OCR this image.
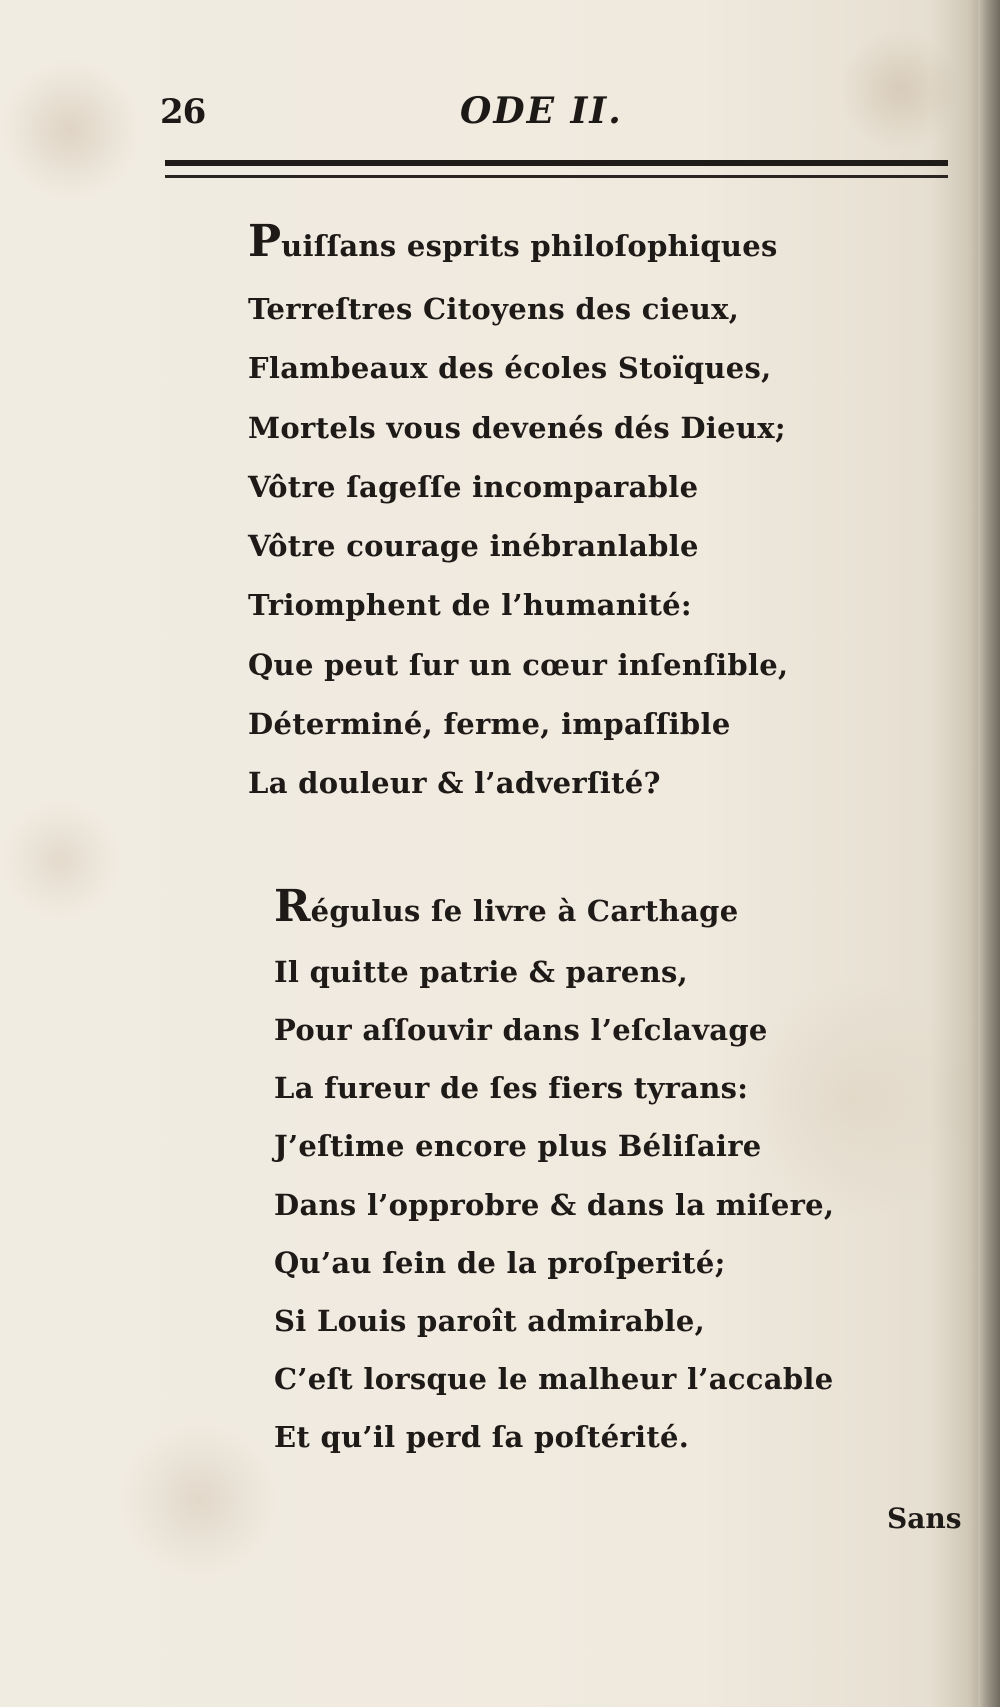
26	ODE II.
Puiſſans esprits philoſophiques
Terreſtres Citoyens des cieux,
Flambeaux des écoles Stoïques,
Mortels vous devenés dés Dieux;
Vôtre ſageſſe incomparable
Vôtre courage inébranlable
Triomphent de l’humanité:
Que peut ſur un cœur inſenſible,
Déterminé, ferme, impaſſible
La douleur & l’adverſité?
Régulus ſe livre à Carthage
Il quitte patrie & parens,
Pour aſſouvir dans l’eſclavage
La fureur de ſes fiers tyrans:
J’eſtime encore plus Béliſaire
Dans l’opprobre & dans la miſere,
Qu’au ſein de la proſperité;
Si Louis paroît admirable,
C’eſt lorsque le malheur l’accable
Et qu’il perd ſa poſtérité.
Sans
